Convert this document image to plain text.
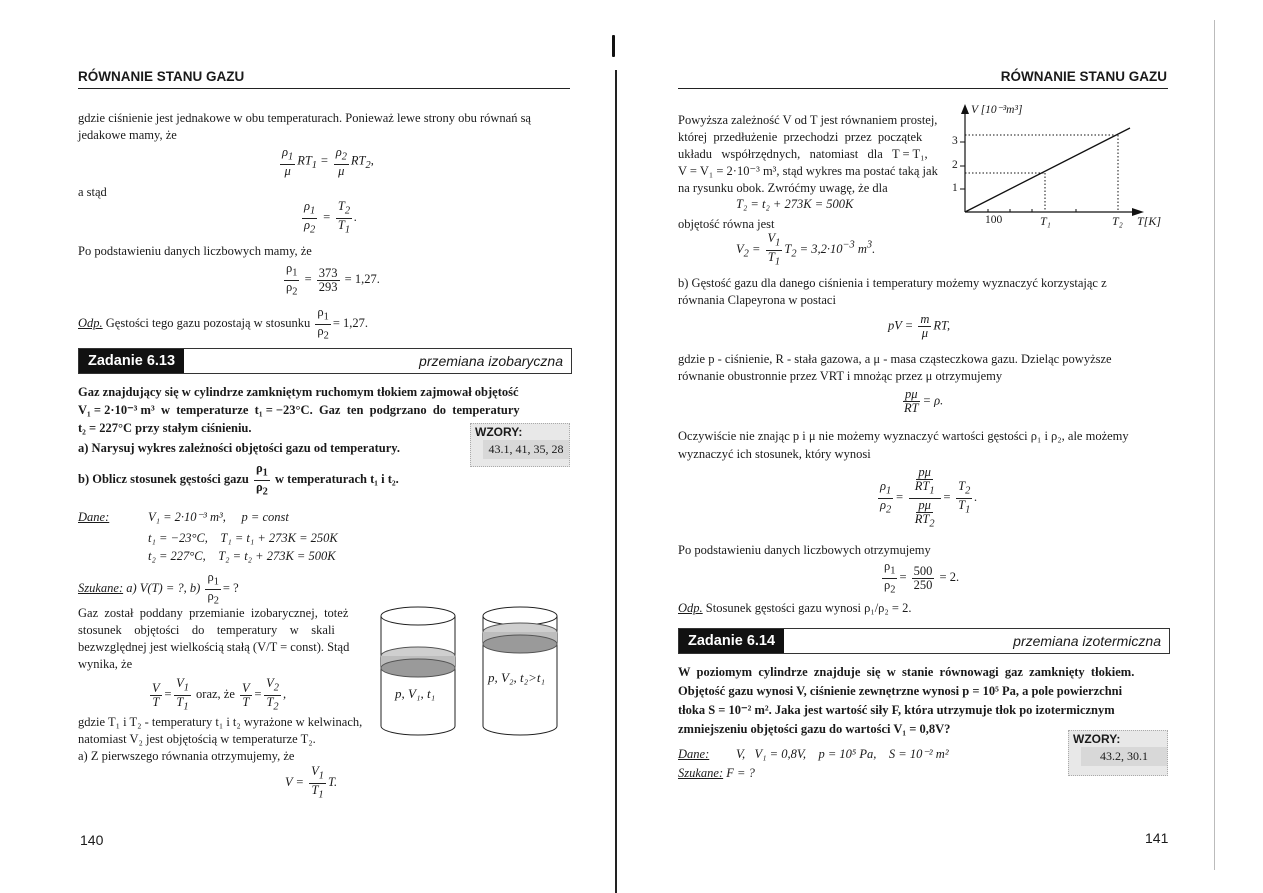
RÓWNANIE STANU GAZU
gdzie ciśnienie jest jednakowe w obu temperaturach. Ponieważ lewe strony obu równań są
jedakowe mamy, że
$\frac{\rho_1}{\mu} RT_1 = \frac{\rho_2}{\mu} RT_2$,
a stąd
$\frac{\rho_1}{\rho_2} = \frac{T_2}{T_1}$ .
Po podstawieniu danych liczbowych mamy, że
$\frac{\rho_1}{\rho_2} = \frac{373}{293} = 1,27$.
Odp. Gęstości tego gazu pozostają w stosunku $\frac{\rho_1}{\rho_2} = 1,27$.
Zadanie 6.13	przemiana izobaryczna
Gaz znajdujący się w cylindrze zamkniętym ruchomym tłokiem zajmował objętość
V₁ = 2·10⁻³ m³  w  temperaturze  t₁ = −23°C.  Gaz  ten  podgrzano  do  temperatury
t₂ = 227°C przy stałym ciśnieniu.
a) Narysuj wykres zależności objętości gazu od temperatury.
b) Oblicz stosunek gęstości gazu $\frac{\rho_1}{\rho_2}$ w temperaturach t₁ i t₂.
WZORY:
43.1, 41, 35, 28
Dane:	V₁ = 2·10⁻³ m³,     p = const
t₁ = −23°C,    T₁ = t₁ + 273K = 250K
t₂ = 227°C,    T₂ = t₂ + 273K = 500K
Szukane: a) V(T) = ?, $b) \frac{\rho_1}{\rho_2}$ = ?
Gaz  został  poddany  przemianie  izobarycznej,  toteż
stosunek    objętości    do    temperatury    w    skali
bezwzględnej jest wielkością stałą (V/T = const). Stąd
wynika, że
$\frac{V}{T} = \frac{V_1}{T_1}$ oraz, że $\frac{V}{T} = \frac{V_2}{T_2}$ ,
gdzie T₁ i T₂ - temperatury t₁ i t₂ wyrażone w kelwinach,
natomiast V₂ jest objętością w temperaturze T₂.
a) Z pierwszego równania otrzymujemy, że
$V = \frac{V_1}{T_1} T$.
p, V₁, t₁
p, V₂, t₂>t₁
140
RÓWNANIE STANU GAZU
Powyższa zależność V od T jest równaniem prostej,
której  przedłużenie  przechodzi  przez  początek
układu   współrzędnych,   natomiast   dla   T = T₁,
V = V₁ = 2·10⁻³ m³, stąd wykres ma postać taką jak
na rysunku obok. Zwróćmy uwagę, że dla
T₂ = t₂ + 273K = 500K
objętość równa jest
$V_2 = \frac{V_1}{T_1} T_2 = 3,2\cdot 10^{-3}$ $m^3$.
V [10⁻³m³]
3
2
1
100	T₁	T₂ T[K]
b) Gęstość gazu dla danego ciśnienia i temperatury możemy wyznaczyć korzystając z
równania Clapeyrona w postaci
pV = $\frac{m}{\mu}$ RT,
gdzie p - ciśnienie, R - stała gazowa, a μ - masa cząsteczkowa gazu. Dzieląc powyższe
równanie obustronnie przez VRT i mnożąc przez μ otrzymujemy
$\frac{p\mu}{RT} = \rho$.
Oczywiście nie znając p i μ nie możemy wyznaczyć wartości gęstości ρ₁ i ρ₂, ale możemy
wyznaczyć ich stosunek, który wynosi
$\frac{\rho_1}{\rho_2} = \frac{\frac{p\mu}{RT_1}}{\frac{p\mu}{RT_2}} = \frac{T_2}{T_1}$ .
Po podstawieniu danych liczbowych otrzymujemy
$\frac{\rho_1}{\rho_2} = \frac{500}{250} = 2$.
Odp. Stosunek gęstości gazu wynosi ρ₁/ρ₂ = 2.
Zadanie 6.14	przemiana izotermiczna
W  poziomym  cylindrze  znajduje  się  w  stanie  równowagi  gaz  zamknięty  tłokiem.
Objętość gazu wynosi V, ciśnienie zewnętrzne wynosi p = 10⁵ Pa, a pole powierzchni
tłoka S = 10⁻² m². Jaka jest wartość siły F, która utrzymuje tłok po izotermicznym
zmniejszeniu objętości gazu do wartości V₁ = 0,8V?
WZORY:
43.2, 30.1
Dane: V,   V₁ = 0,8V,    p = 10⁵ Pa,    S = 10⁻² m²
Szukane: F = ?
141
